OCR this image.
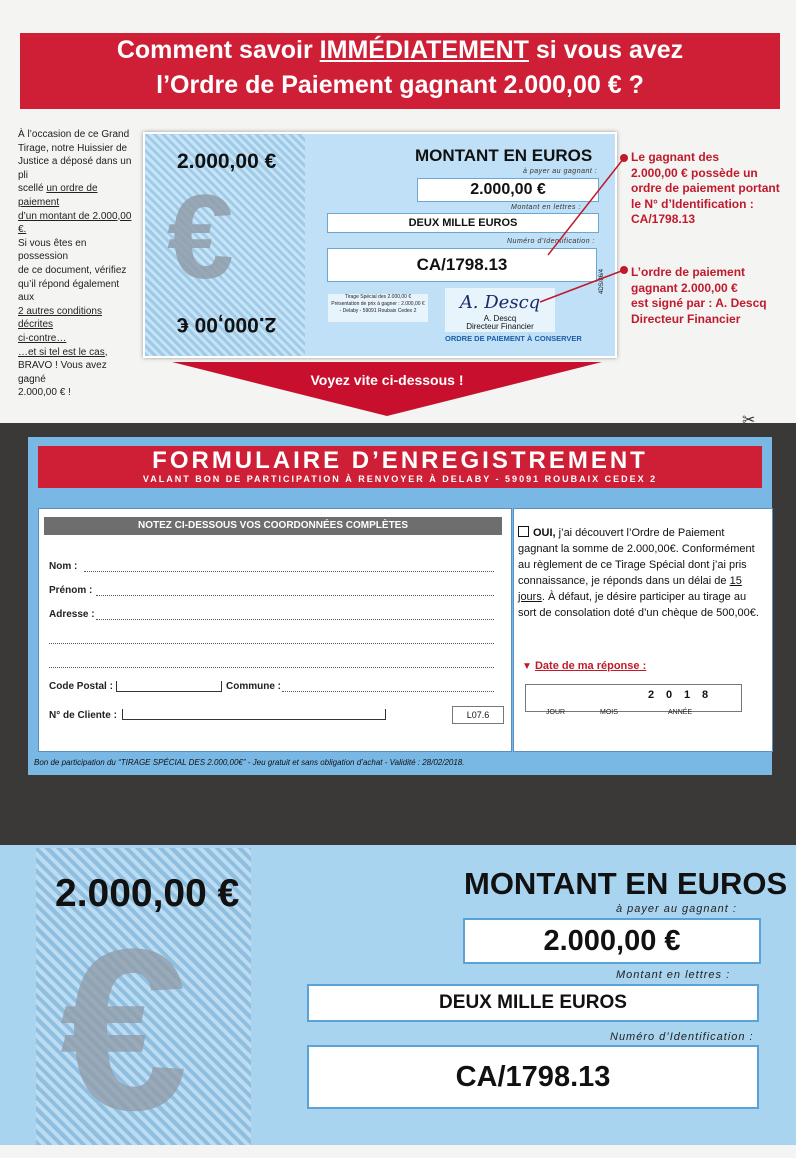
Comment savoir IMMÉDIATEMENT si vous avez
l’Ordre de Paiement gagnant 2.000,00 € ?
À l’occasion de ce Grand
Tirage, notre Huissier de
Justice a déposé dans un pli
scellé un ordre de paiement
d’un montant de 2.000,00 €.
Si vous êtes en possession
de ce document, vérifiez
qu’il répond également aux
2 autres conditions décrites
ci-contre…
…et si tel est le cas,
BRAVO ! Vous avez gagné
2.000,00 € !
€
2.000,00 €
2.000,00 €
MONTANT EN EUROS
à payer au gagnant :
2.000,00 €
Montant en lettres :
DEUX MILLE EUROS
Numéro d’Identification :
CA/1798.13
Tirage Spécial des 2.000,00 €
Présentation de prix à gagner : 2.000,00 €
- Delaby - 59091 Roubaix Cedex 2	A. Descq
A. Descq
Directeur Financier
ORDRE DE PAIEMENT À CONSERVER
4DS/86/4
Le gagnant des
2.000,00 € possède un
ordre de paiement portant
le N° d’Identification :
CA/1798.13
L’ordre de paiement
gagnant 2.000,00 €
est signé par : A. Descq
Directeur Financier
Voyez vite ci-dessous !
✂
FORMULAIRE D’ENREGISTREMENT
VALANT BON DE PARTICIPATION À RENVOYER À DELABY - 59091 ROUBAIX CEDEX 2
NOTEZ CI-DESSOUS VOS COORDONNÉES COMPLÈTES
Nom :
Prénom :
Adresse :
Code Postal :	Commune :
N° de Cliente :	L07.6
OUI, j’ai découvert l’Ordre de Paiement
gagnant la somme de 2.000,00€. Conformément
au règlement de ce Tirage Spécial dont j’ai pris
connaissance, je réponds dans un délai de 15
jours. À défaut, je désire participer au tirage au
sort de consolation doté d’un chèque de 500,00€.
▼ Date de ma réponse :
2	0	1	8
JOUR	MOIS	ANNÉE
Bon de participation du “TIRAGE SPÉCIAL DES 2.000,00€” - Jeu gratuit et sans obligation d’achat - Validité : 28/02/2018.
€
2.000,00 €	MONTANT EN EUROS
à payer au gagnant :
2.000,00 €
Montant en lettres :
DEUX MILLE EUROS
Numéro d’Identification :
CA/1798.13
